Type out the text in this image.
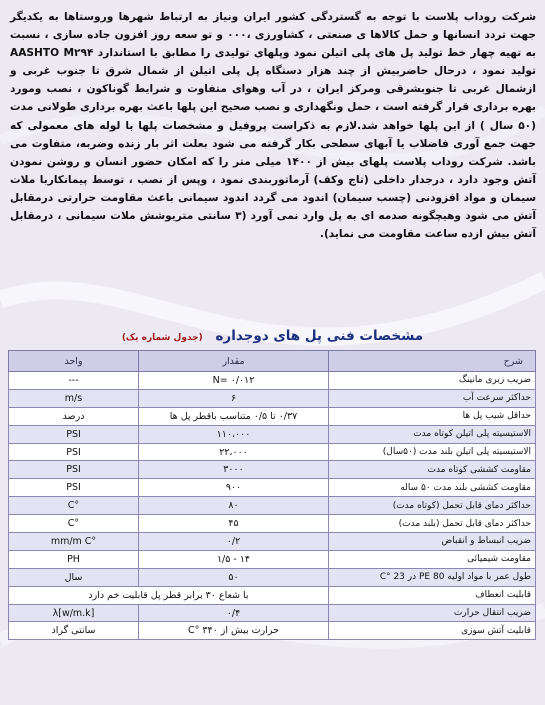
شرکت روداب پلاست با توجه به گستردگی کشور ایران ونیاز به ارتباط شهرها وروستاها به یکدیگر جهت تردد انسانها و حمل کالاها ی صنعتی ، کشاورزی ،۰۰۰ و تو سعه روز افزون جاده سازی ، نسبت به تهیه چهار خط تولید پل های پلی اتیلن نمود وپلهای تولیدی را مطابق با استاندارد AASHTO M۲۹۴ تولید نمود ، درحال حاضربیش از چند هزار دستگاه پل پلی اتیلن از شمال شرق تا جنوب غربی و ازشمال غربی تا جنوبشرقی ومرکز ایران ، در آب وهوای متفاوت و شرایط گوناکون ، نصب ومورد بهره برداری قرار گرفته است ، حمل ونگهداری و نصب صحیح این پلها باعث بهره برداری طولانی مدت (۵۰ سال ) از این پلها خواهد شد.لازم به ذکراست پروفیل و مشخصات پلها با لوله های معمولی که جهت جمع آوری فاضلاب یا آبهای سطحی بکار گرفته می شود بعلت اثر بار زنده وضربه، متفاوت می باشد. شرکت روداب پلاست پلهای بیش از ۱۴۰۰ میلی متر را که امکان حضور انسان و روشن نمودن آتش وجود دارد ، درجدار داخلی (تاج وکف) آرماتوربندی نمود ، وپس از نصب ، توسط پیمانکاربا ملات سیمان و مواد افزودنی (چسب سیمان) اندود می گردد اندود سیمانی باعث مقاومت حرارتی درمقابل آتش می شود وهیچگونه صدمه ای به پل وارد نمی آورد (۳ سانتی متریوشش ملات سیمانی ، درمقابل آتش بیش ازده ساعت مقاومت می نماید).
مشخصات فنی پل های دوجداره (جدول شماره یک)
شرح	مقدار	واحد
ضریب زبری مانینگ	N= ۰/۰۱۲	---
حداکثر سرعت آب	۶	m/s
حداقل شیب پل ها	۰/۳۷ تا ۰/۵ متناسب باقطر پل ها	درصد
الاستیسیته پلی اتیلن کوتاه مدت	۱۱۰،۰۰۰	PSI
الاستیسیته پلی اتیلن بلند مدت (۵۰سال)	۲۲،۰۰۰	PSI
مقاومت کششی کوتاه مدت	۳۰۰۰	PSI
مقاومت کششی بلند مدت ۵۰ ساله	۹۰۰	PSI
حداکثر دمای قابل تحمل (کوتاه مدت)	۸۰	C°
حداکثر دمای قابل تحمل (بلند مدت)	۴۵	C°
ضریب انبساط و انقباض	۰/۲	mm/m C°
مقاومت شیمیائی	۱۴ - ۱/۵	PH
طول عمر با مواد اولیه PE 80 در C° 23	۵۰	سال
قابلیت انعطاف	با شعاع ۳۰ برابر قطر پل قابلیت خم دارد	
ضریب انتقال حرارت	۰/۴	λ[w/m.k]
قابلیت آتش سوزی	حرارت بیش از C° ۳۴۰	سانتی گراد
